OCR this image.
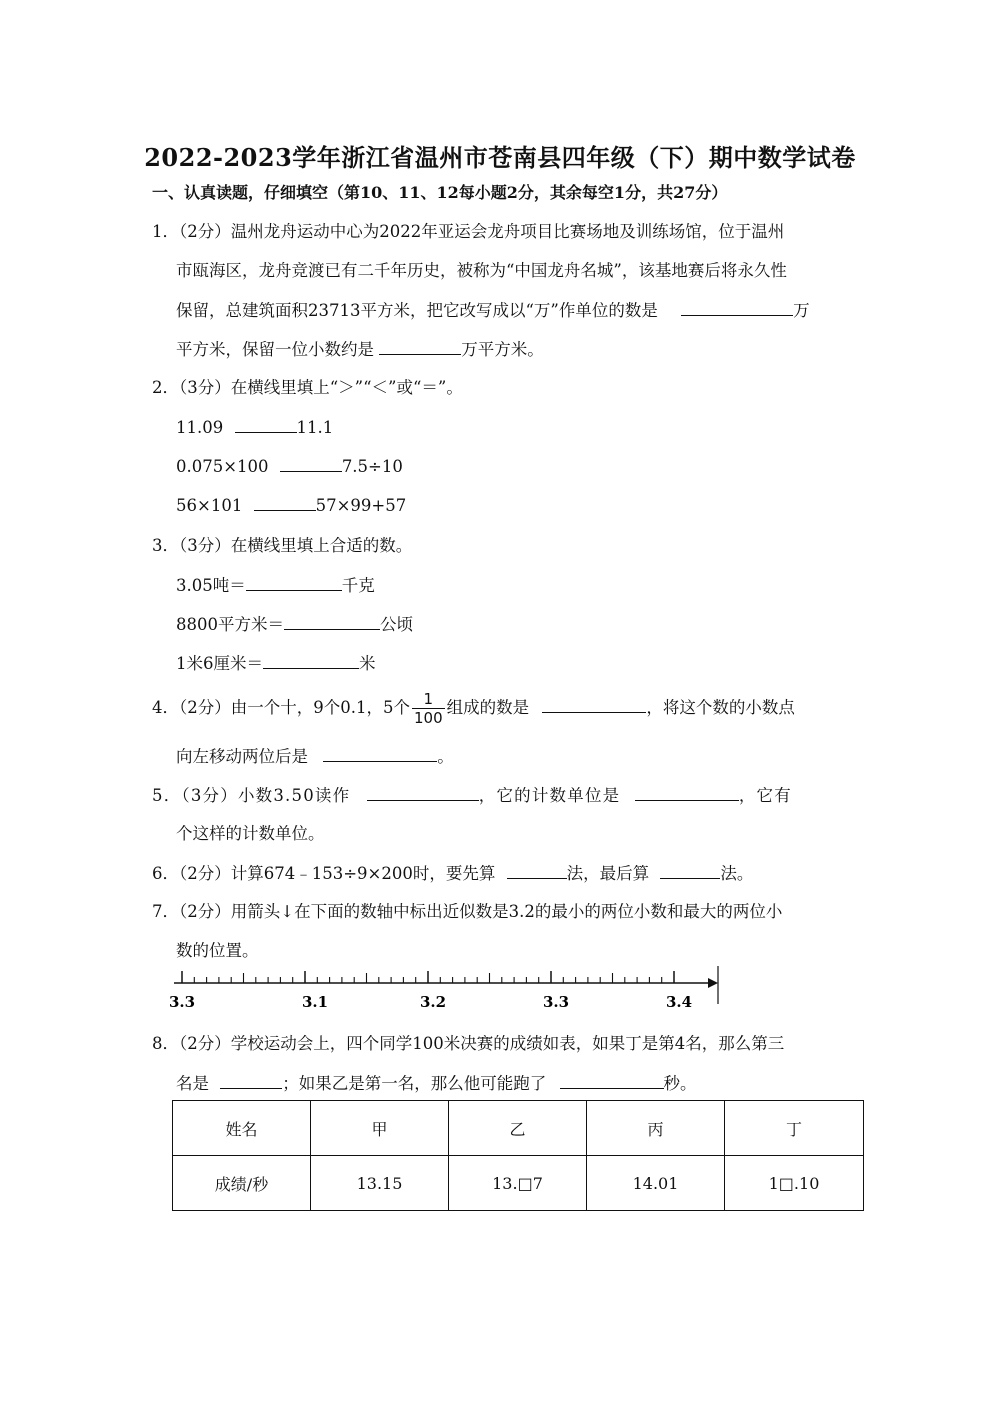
2022-2023学年浙江省温州市苍南县四年级（下）期中数学试卷
一、认真读题，仔细填空（第10、11、12每小题2分，其余每空1分，共27分）
1．（2分）温州龙舟运动中心为2022年亚运会龙舟项目比赛场地及训练场馆，位于温州
市瓯海区，龙舟竞渡已有二千年历史，被称为“中国龙舟名城”，该基地赛后将永久性
保留，总建筑面积23713平方米，把它改写成以“万”作单位的数是	万
平方米，保留一位小数约是	万平方米。
2．（3分）在横线里填上“＞”“＜”或“＝”。
11.09	11.1
0.075×100	7.5÷10
56×101	57×99+57
3．（3分）在横线里填上合适的数。
3.05吨＝	千克
8800平方米＝	公顷
1米6厘米＝	米
4．（2分）由一个十，9个0.1，5个 $\frac{1}{100}$ 组成的数是	，将这个数的小数点
向左移动两位后是	。
5．（3分）小数3.50读作	，它的计数单位是	，它有
个这样的计数单位。
6．（2分）计算674﹣153÷9×200时，要先算	法，最后算	法。
7．（2分）用箭头↓在下面的数轴中标出近似数是3.2的最小的两位小数和最大的两位小
数的位置。
3.3	3.1	3.2	3.3	3.4
8．（2分）学校运动会上，四个同学100米决赛的成绩如表，如果丁是第4名，那么第三
名是	；如果乙是第一名，那么他可能跑了	秒。
姓名	甲	乙	丙	丁
成绩/秒	13.15	13.□7	14.01	1□.10
